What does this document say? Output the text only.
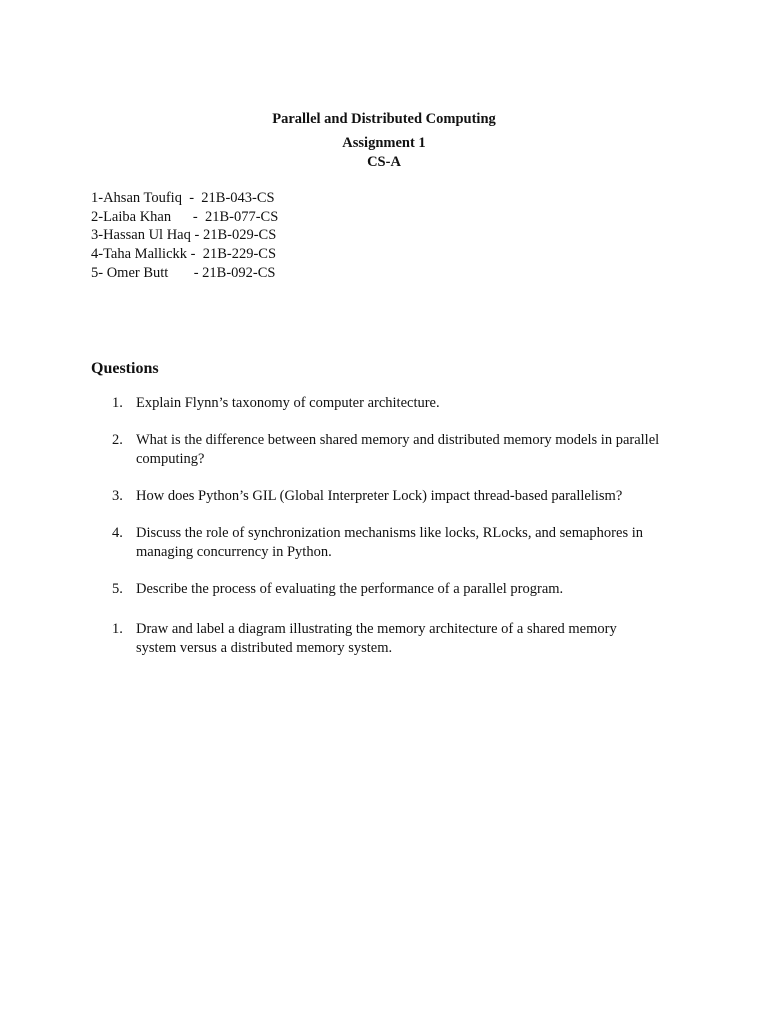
Parallel and Distributed Computing
Assignment 1
CS-A
1-Ahsan Toufiq  -  21B-043-CS
2-Laiba Khan      -  21B-077-CS
3-Hassan Ul Haq - 21B-029-CS
4-Taha Mallickk -  21B-229-CS
5- Omer Butt       - 21B-092-CS
Questions
1. Explain Flynn’s taxonomy of computer architecture.
2. What is the difference between shared memory and distributed memory models in parallel computing?
3. How does Python’s GIL (Global Interpreter Lock) impact thread-based parallelism?
4. Discuss the role of synchronization mechanisms like locks, RLocks, and semaphores in managing concurrency in Python.
5. Describe the process of evaluating the performance of a parallel program.
1. Draw and label a diagram illustrating the memory architecture of a shared memory system versus a distributed memory system.
